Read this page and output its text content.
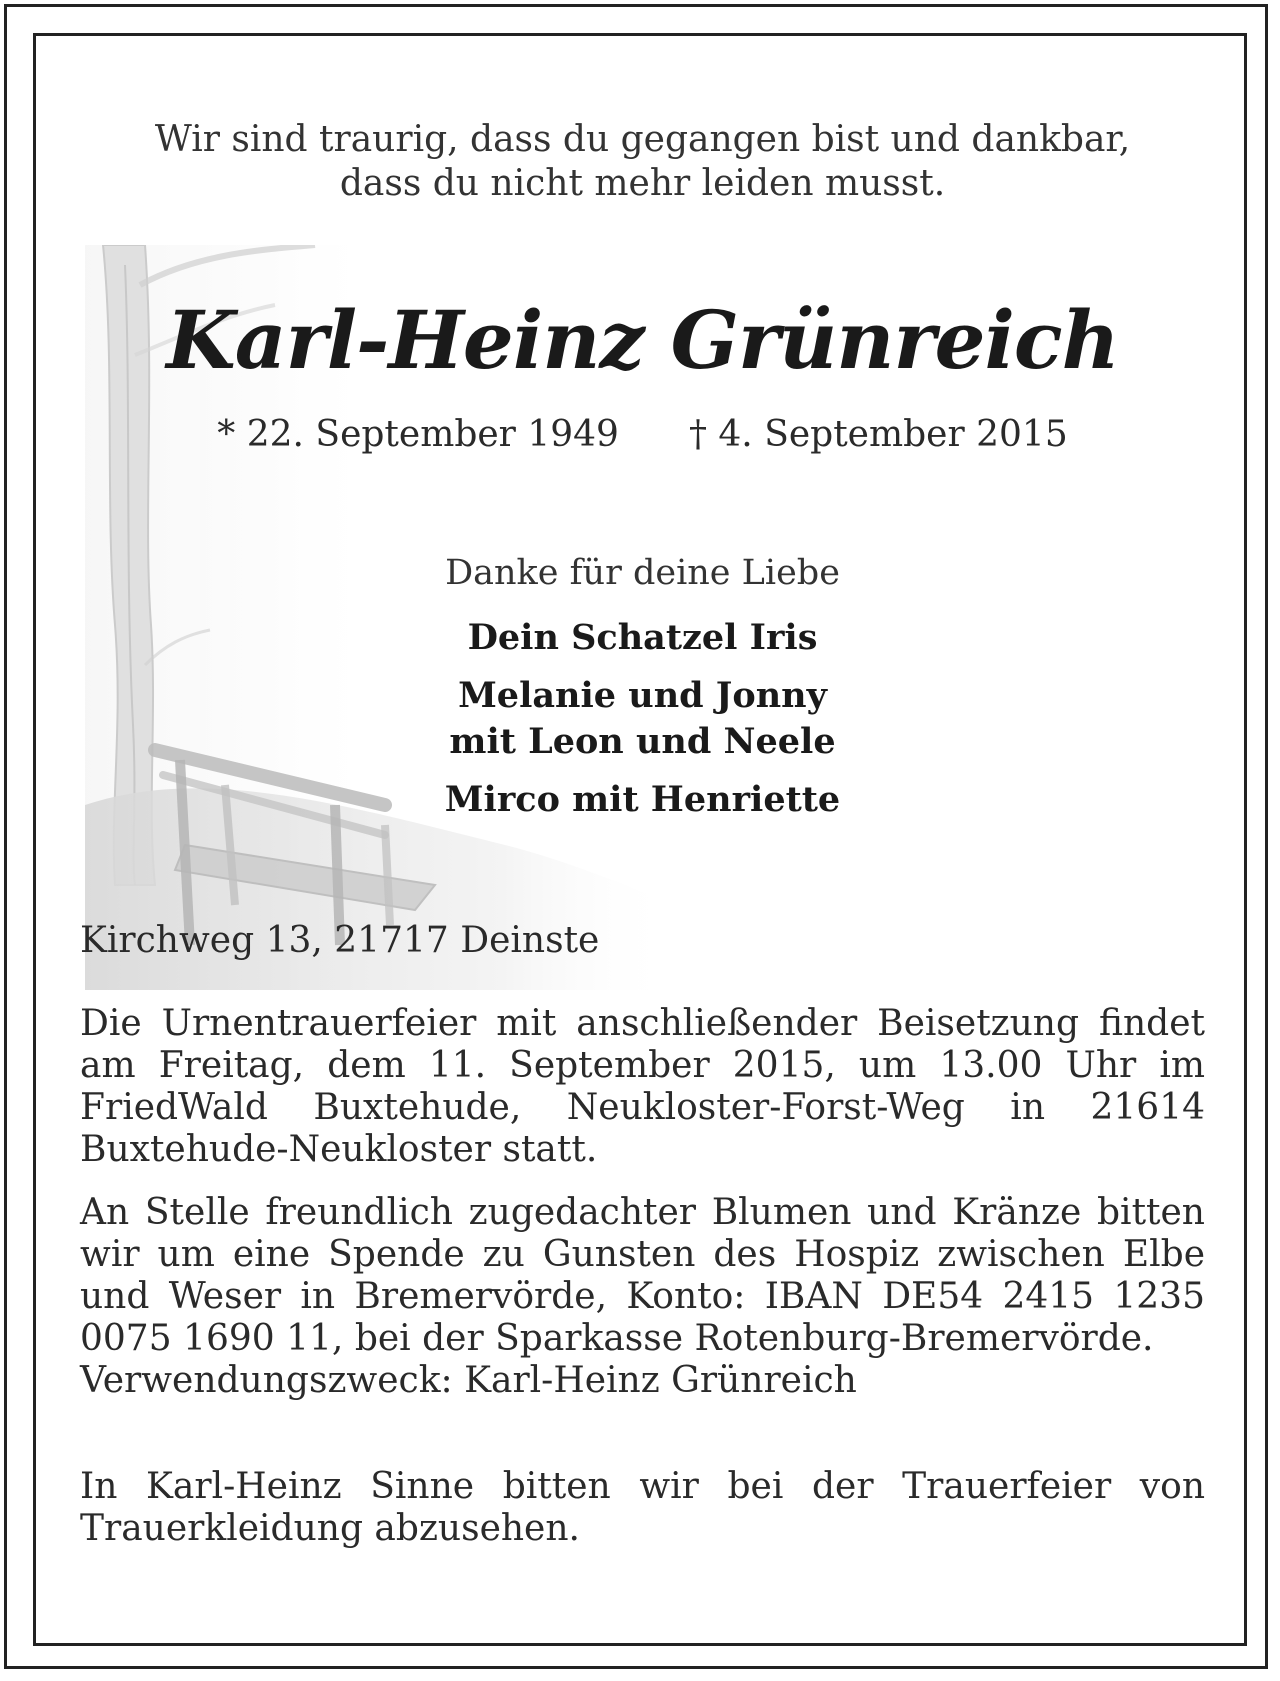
Wir sind traurig, dass du gegangen bist und dankbar,
dass du nicht mehr leiden musst.
Karl-Heinz Grünreich
* 22. September 1949 † 4. September 2015
Danke für deine Liebe
Dein Schatzel Iris
Melanie und Jonny
mit Leon und Neele
Mirco mit Henriette
Kirchweg 13, 21717 Deinste
Die Urnentrauerfeier mit anschließender Beisetzung findet am Freitag, dem 11. September 2015, um 13.00 Uhr im FriedWald Buxtehude, Neukloster-Forst-Weg in 21614 Buxtehude-Neukloster statt.
An Stelle freundlich zugedachter Blumen und Kränze bitten wir um eine Spende zu Gunsten des Hospiz zwischen Elbe und Weser in Bremervörde, Konto: IBAN DE54 2415 1235 0075 1690 11, bei der Sparkasse Rotenburg-Bremervörde.
Verwendungszweck: Karl-Heinz Grünreich
In Karl-Heinz Sinne bitten wir bei der Trauerfeier von Trauerkleidung abzusehen.
